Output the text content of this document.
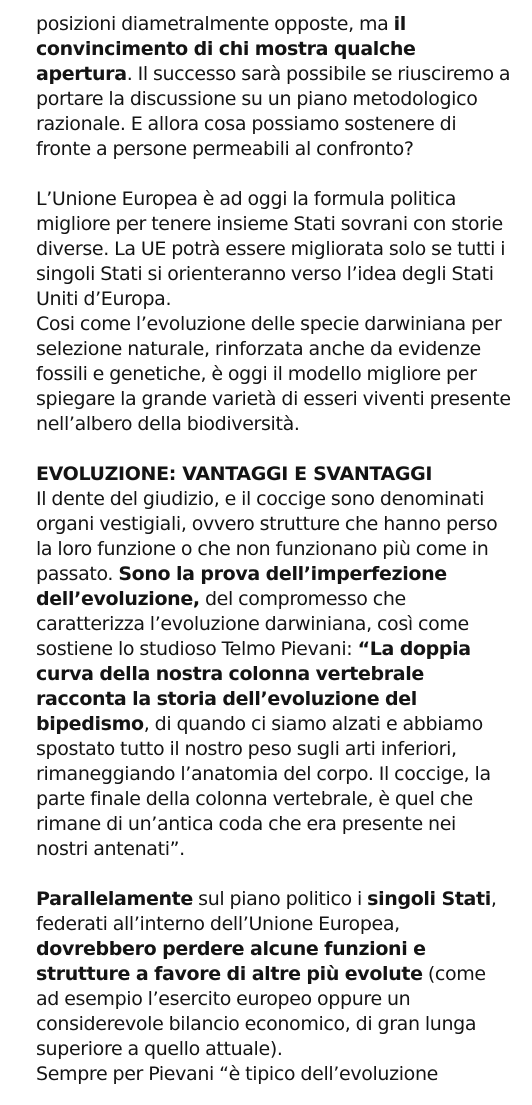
posizioni diametralmente opposte, ma il convincimento di chi mostra qualche apertura. Il successo sarà possibile se riusciremo a portare la discussione su un piano metodologico razionale. E allora cosa possiamo sostenere di fronte a persone permeabili al confronto?

L’Unione Europea è ad oggi la formula politica migliore per tenere insieme Stati sovrani con storie diverse. La UE potrà essere migliorata solo se tutti i singoli Stati si orienteranno verso l’idea degli Stati Uniti d’Europa.

Cosi come l’evoluzione delle specie darwiniana per selezione naturale, rinforzata anche da evidenze fossili e genetiche, è oggi il modello migliore per spiegare la grande varietà di esseri viventi presente nell’albero della biodiversità.

EVOLUZIONE: VANTAGGI E SVANTAGGI

Il dente del giudizio, e il coccige sono denominati organi vestigiali, ovvero strutture che hanno perso la loro funzione o che non funzionano più come in passato. Sono la prova dell’imperfezione dell’evoluzione, del compromesso che caratterizza l’evoluzione darwiniana, così come sostiene lo studioso Telmo Pievani: “La doppia curva della nostra colonna vertebrale racconta la storia dell’evoluzione del bipedismo, di quando ci siamo alzati e abbiamo spostato tutto il nostro peso sugli arti inferiori, rimaneggiando l’anatomia del corpo. Il coccige, la parte finale della colonna vertebrale, è quel che rimane di un’antica coda che era presente nei nostri antenati”.

Parallelamente sul piano politico i singoli Stati, federati all’interno dell’Unione Europea, dovrebbero perdere alcune funzioni e strutture a favore di altre più evolute (come ad esempio l’esercito europeo oppure un considerevole bilancio economico, di gran lunga superiore a quello attuale).

Sempre per Pievani “è tipico dell’evoluzione
